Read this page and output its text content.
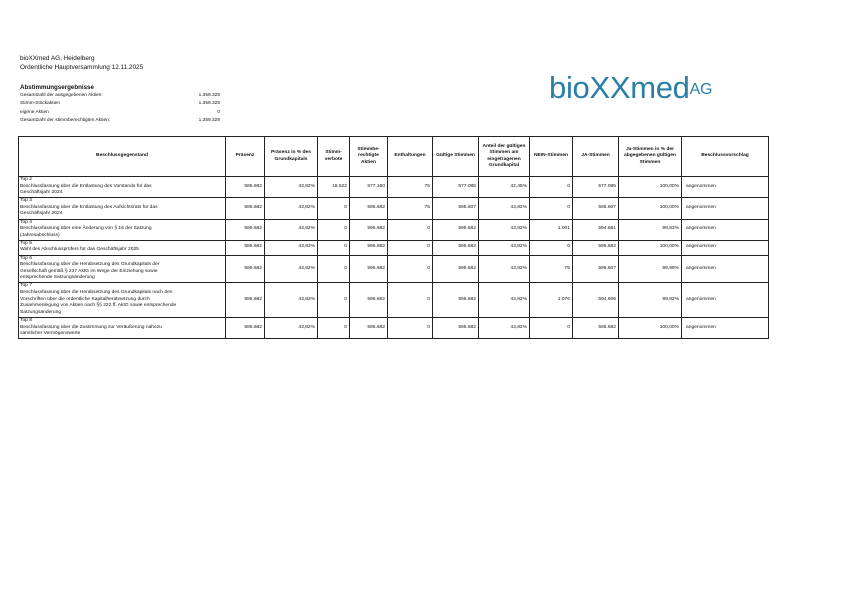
bioXXmed AG, Heidelberg
Ordentliche Hauptversammlung 12.11.2025
Abstimmungsergebnisse
Gesamtzahl der ausgegebenen Aktien:	1.359.328
Stimm-Stückaktien	1.359.328
eigene Aktien	0
Gesamtzahl der stimmberechtigten Aktien:	1.359.328
bioXXmed$^{AG}$
Beschlussgegenstand	Präsenz	Präsenz in % des Grundkapitals	Stimm-verbote	Stimmbe-rechtigte Aktien	Enthaltungen	Gültige Stimmen	Anteil der gültigen Stimmen am eingetragenen Grundkapital	NEIN-Stimmen	JA-Stimmen	Ja-Stimmen in % der abgegebenen gültigen Stimmen	Beschlussvorschlag

Top 2
Beschlussfassung über die Entlastung des Vorstands für das
Geschäftsjahr 2024	595.682	43,82%	18.522	577.160	75	577.085	42,45%	0	577.085	100,00%	angenommen

Top 3
Beschlussfassung über die Entlastung des Aufsichtsrats für das
Geschäftsjahr 2024	595.682	43,82%	0	595.682	75	595.607	43,82%	0	595.607	100,00%	angenommen

Top 4
Beschlussfassung über eine Änderung von § 16 der Satzung
(Jahresabschluss)	595.682	43,82%	0	595.682	0	595.682	43,82%	1.001	594.681	99,83%	angenommen

Top 5
Wahl des Abschlussprüfers für das Geschäftsjahr 2025	595.682	43,82%	0	595.682	0	595.682	43,82%	0	595.682	100,00%	angenommen

Top 6
Beschlussfassung über die Herabsetzung des Grundkapitals der
Gesellschaft gemäß § 237 AktG im Wege der Einziehung sowie
entsprechende Satzungsänderung	595.682	43,82%	0	595.682	0	595.682	43,82%	75	595.607	99,99%	angenommen

Top 7
Beschlussfassung über die Herabsetzung des Grundkapitals nach den
Vorschriften über die ordentliche Kapitalherabsetzung durch
Zusammenlegung von Aktien nach §§ 222 ff. AktG sowie entsprechende
Satzungsänderung	595.682	43,82%	0	595.682	0	595.682	43,82%	1.076	594.606	99,82%	angenommen

Top 8
Beschlussfassung über die Zustimmung zur Veräußerung nahezu
sämtlicher Vermögenswerte	595.682	43,82%	0	595.682	0	595.682	43,82%	0	595.682	100,00%	angenommen
